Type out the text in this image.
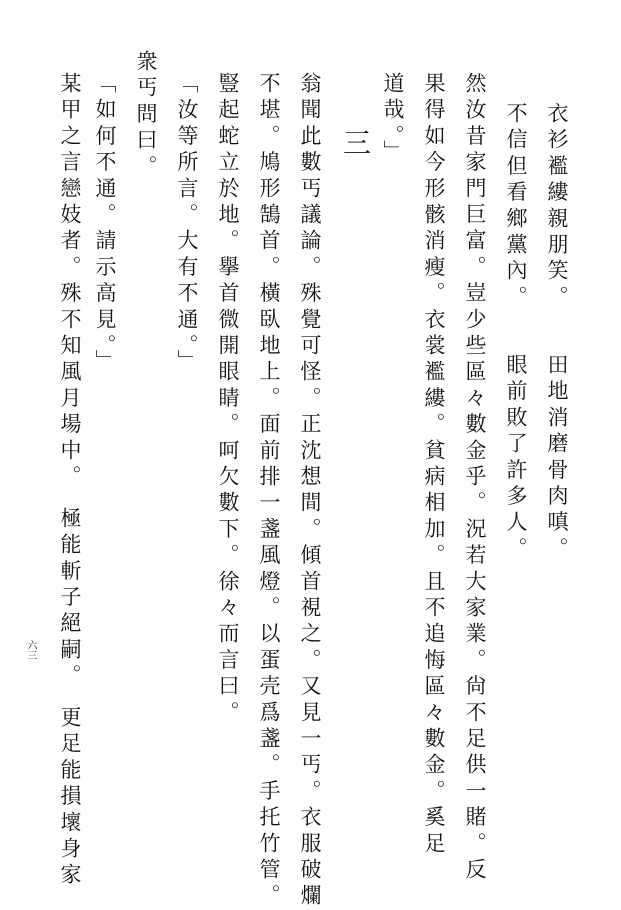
衣衫襤縷親朋笑。　　田地消磨骨肉嗔。
不信但看鄉黨內。　　眼前敗了許多人。
然汝昔家門巨富。豈少些區々數金乎。況若大家業。尙不足供一賭。反
果得如今形骸消瘦。衣裳襤縷。貧病相加。且不追悔區々數金。奚足
道哉。」
三
翁聞此數丐議論。殊覺可怪。正沈想間。傾首視之。又見一丐。衣服破爛
不堪。鳩形鵠首。橫臥地上。面前排一盞風燈。以蛋壳爲盞。手托竹管。
豎起蛇立於地。擧首微開眼睛。呵欠數下。徐々而言曰。
「汝等所言。大有不通。」
衆丐問曰。
「如何不通。請示高見。」
某甲之言戀妓者。殊不知風月場中。　極能斬子絕嗣。　更足能損壞身家
六三
